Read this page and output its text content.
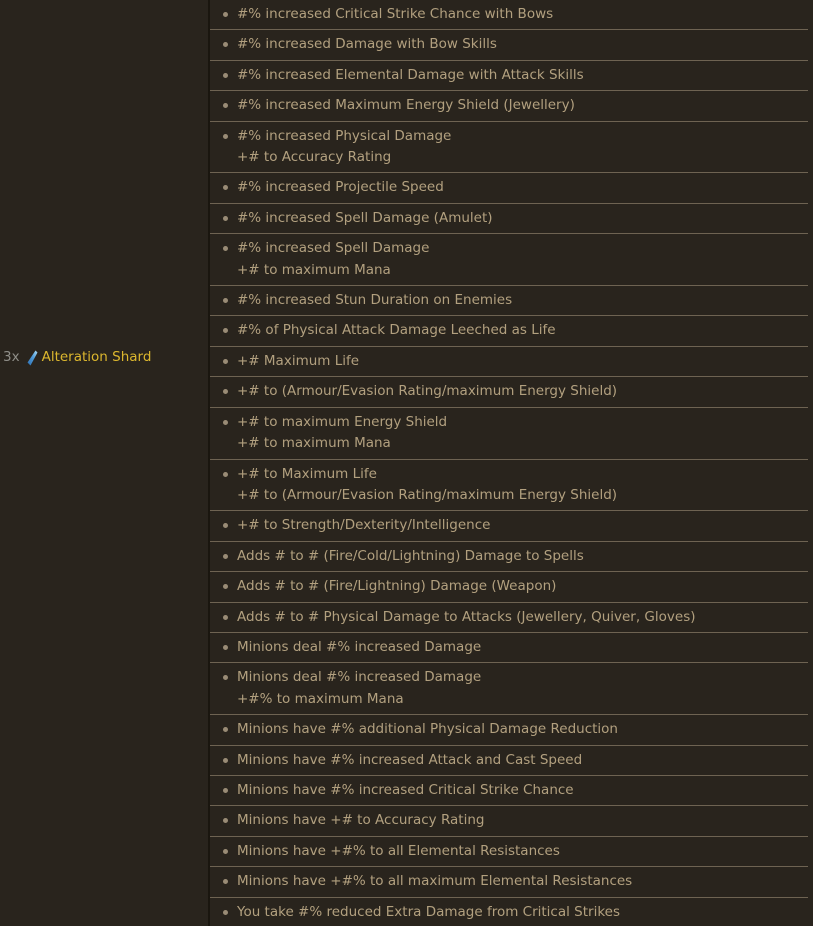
3x Alteration Shard
#% increased Critical Strike Chance with Bows
#% increased Damage with Bow Skills
#% increased Elemental Damage with Attack Skills
#% increased Maximum Energy Shield (Jewellery)
#% increased Physical Damage
+# to Accuracy Rating
#% increased Projectile Speed
#% increased Spell Damage (Amulet)
#% increased Spell Damage
+# to maximum Mana
#% increased Stun Duration on Enemies
#% of Physical Attack Damage Leeched as Life
+# Maximum Life
+# to (Armour/Evasion Rating/maximum Energy Shield)
+# to maximum Energy Shield
+# to maximum Mana
+# to Maximum Life
+# to (Armour/Evasion Rating/maximum Energy Shield)
+# to Strength/Dexterity/Intelligence
Adds # to # (Fire/Cold/Lightning) Damage to Spells
Adds # to # (Fire/Lightning) Damage (Weapon)
Adds # to # Physical Damage to Attacks (Jewellery, Quiver, Gloves)
Minions deal #% increased Damage
Minions deal #% increased Damage
+#% to maximum Mana
Minions have #% additional Physical Damage Reduction
Minions have #% increased Attack and Cast Speed
Minions have #% increased Critical Strike Chance
Minions have +# to Accuracy Rating
Minions have +#% to all Elemental Resistances
Minions have +#% to all maximum Elemental Resistances
You take #% reduced Extra Damage from Critical Strikes
